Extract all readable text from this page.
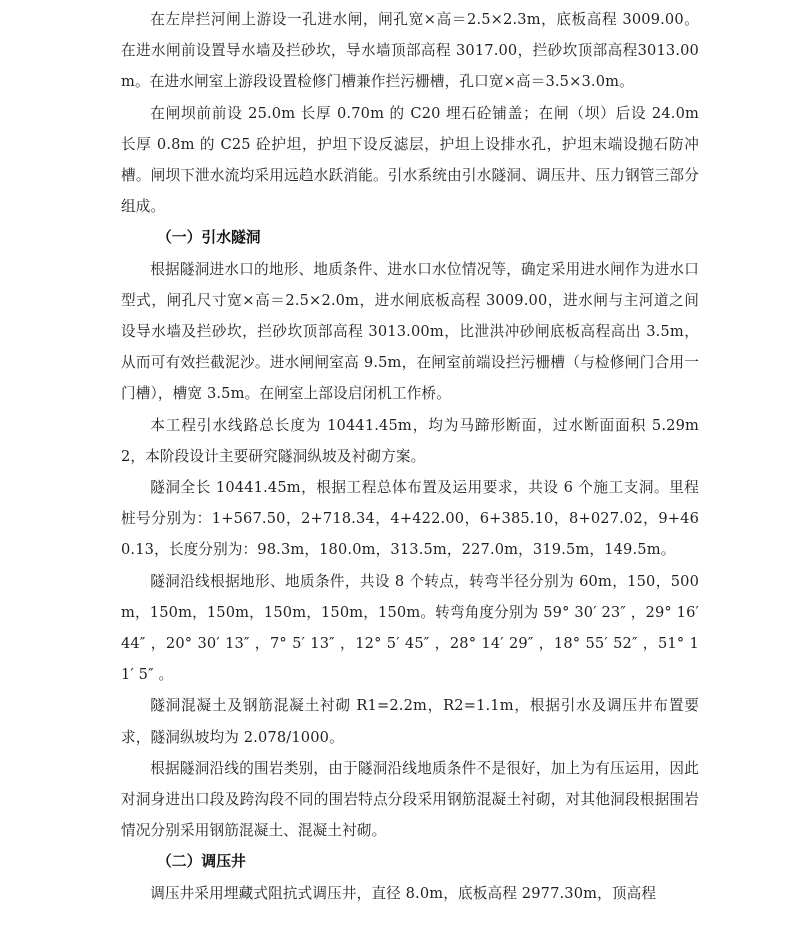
在左岸拦河闸上游设一孔进水闸，闸孔宽×高＝2.5×2.3m，底板高程 3009.00。在进水闸前设置导水墙及拦砂坎，导水墙顶部高程 3017.00，拦砂坎顶部高程3013.00m。在进水闸室上游段设置检修门槽兼作拦污栅槽，孔口宽×高＝3.5×3.0m。

在闸坝前前设 25.0m 长厚 0.70m 的 C20 埋石砼铺盖；在闸（坝）后设 24.0m 长厚 0.8m 的 C25 砼护坦，护坦下设反滤层，护坦上设排水孔，护坦末端设抛石防冲槽。闸坝下泄水流均采用远趋水跃消能。引水系统由引水隧洞、调压井、压力钢管三部分组成。

（一）引水隧洞

根据隧洞进水口的地形、地质条件、进水口水位情况等，确定采用进水闸作为进水口型式，闸孔尺寸宽×高＝2.5×2.0m，进水闸底板高程 3009.00，进水闸与主河道之间设导水墙及拦砂坎，拦砂坎顶部高程 3013.00m，比泄洪冲砂闸底板高程高出 3.5m，从而可有效拦截泥沙。进水闸闸室高 9.5m，在闸室前端设拦污栅槽（与检修闸门合用一门槽），槽宽 3.5m。在闸室上部设启闭机工作桥。

本工程引水线路总长度为 10441.45m，均为马蹄形断面，过水断面面积 5.29m2，本阶段设计主要研究隧洞纵坡及衬砌方案。

隧洞全长 10441.45m，根据工程总体布置及运用要求，共设 6 个施工支洞。里程桩号分别为：1+567.50，2+718.34，4+422.00，6+385.10，8+027.02，9+460.13，长度分别为：98.3m，180.0m，313.5m，227.0m，319.5m，149.5m。

隧洞沿线根据地形、地质条件，共设 8 个转点，转弯半径分别为 60m，150，500m，150m，150m，150m，150m，150m。转弯角度分别为 59° 30′ 23″ ，29° 16′ 44″ ，20° 30′ 13″ ，7° 5′ 13″ ，12° 5′ 45″ ，28° 14′ 29″ ，18° 55′ 52″ ，51° 11′ 5″ 。

隧洞混凝土及钢筋混凝土衬砌 R1=2.2m，R2=1.1m，根据引水及调压井布置要求，隧洞纵坡均为 2.078/1000。

根据隧洞沿线的围岩类别，由于隧洞沿线地质条件不是很好，加上为有压运用，因此对洞身进出口段及跨沟段不同的围岩特点分段采用钢筋混凝土衬砌，对其他洞段根据围岩情况分别采用钢筋混凝土、混凝土衬砌。

（二）调压井

调压井采用埋藏式阻抗式调压井，直径 8.0m，底板高程 2977.30m，顶高程
